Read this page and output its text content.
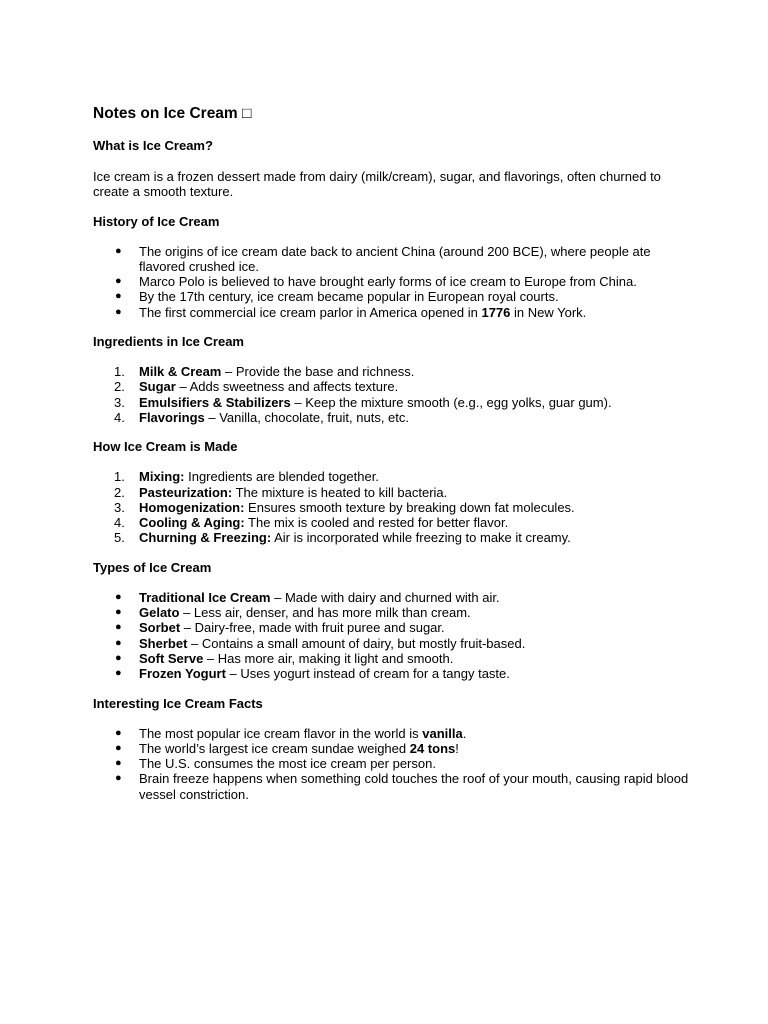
Notes on Ice Cream □
What is Ice Cream?

Ice cream is a frozen dessert made from dairy (milk/cream), sugar, and flavorings, often churned to create a smooth texture.

History of Ice Cream
●	The origins of ice cream date back to ancient China (around 200 BCE), where people ate flavored crushed ice.
●	Marco Polo is believed to have brought early forms of ice cream to Europe from China.
●	By the 17th century, ice cream became popular in European royal courts.
●	The first commercial ice cream parlor in America opened in 1776 in New York.
Ingredients in Ice Cream
1.	Milk & Cream – Provide the base and richness.
2.	Sugar – Adds sweetness and affects texture.
3.	Emulsifiers & Stabilizers – Keep the mixture smooth (e.g., egg yolks, guar gum).
4.	Flavorings – Vanilla, chocolate, fruit, nuts, etc.
How Ice Cream is Made
1.	Mixing: Ingredients are blended together.
2.	Pasteurization: The mixture is heated to kill bacteria.
3.	Homogenization: Ensures smooth texture by breaking down fat molecules.
4.	Cooling & Aging: The mix is cooled and rested for better flavor.
5.	Churning & Freezing: Air is incorporated while freezing to make it creamy.
Types of Ice Cream
●	Traditional Ice Cream – Made with dairy and churned with air.
●	Gelato – Less air, denser, and has more milk than cream.
●	Sorbet – Dairy-free, made with fruit puree and sugar.
●	Sherbet – Contains a small amount of dairy, but mostly fruit-based.
●	Soft Serve – Has more air, making it light and smooth.
●	Frozen Yogurt – Uses yogurt instead of cream for a tangy taste.
Interesting Ice Cream Facts
●	The most popular ice cream flavor in the world is vanilla.
●	The world’s largest ice cream sundae weighed 24 tons!
●	The U.S. consumes the most ice cream per person.
●	Brain freeze happens when something cold touches the roof of your mouth, causing rapid blood vessel constriction.
